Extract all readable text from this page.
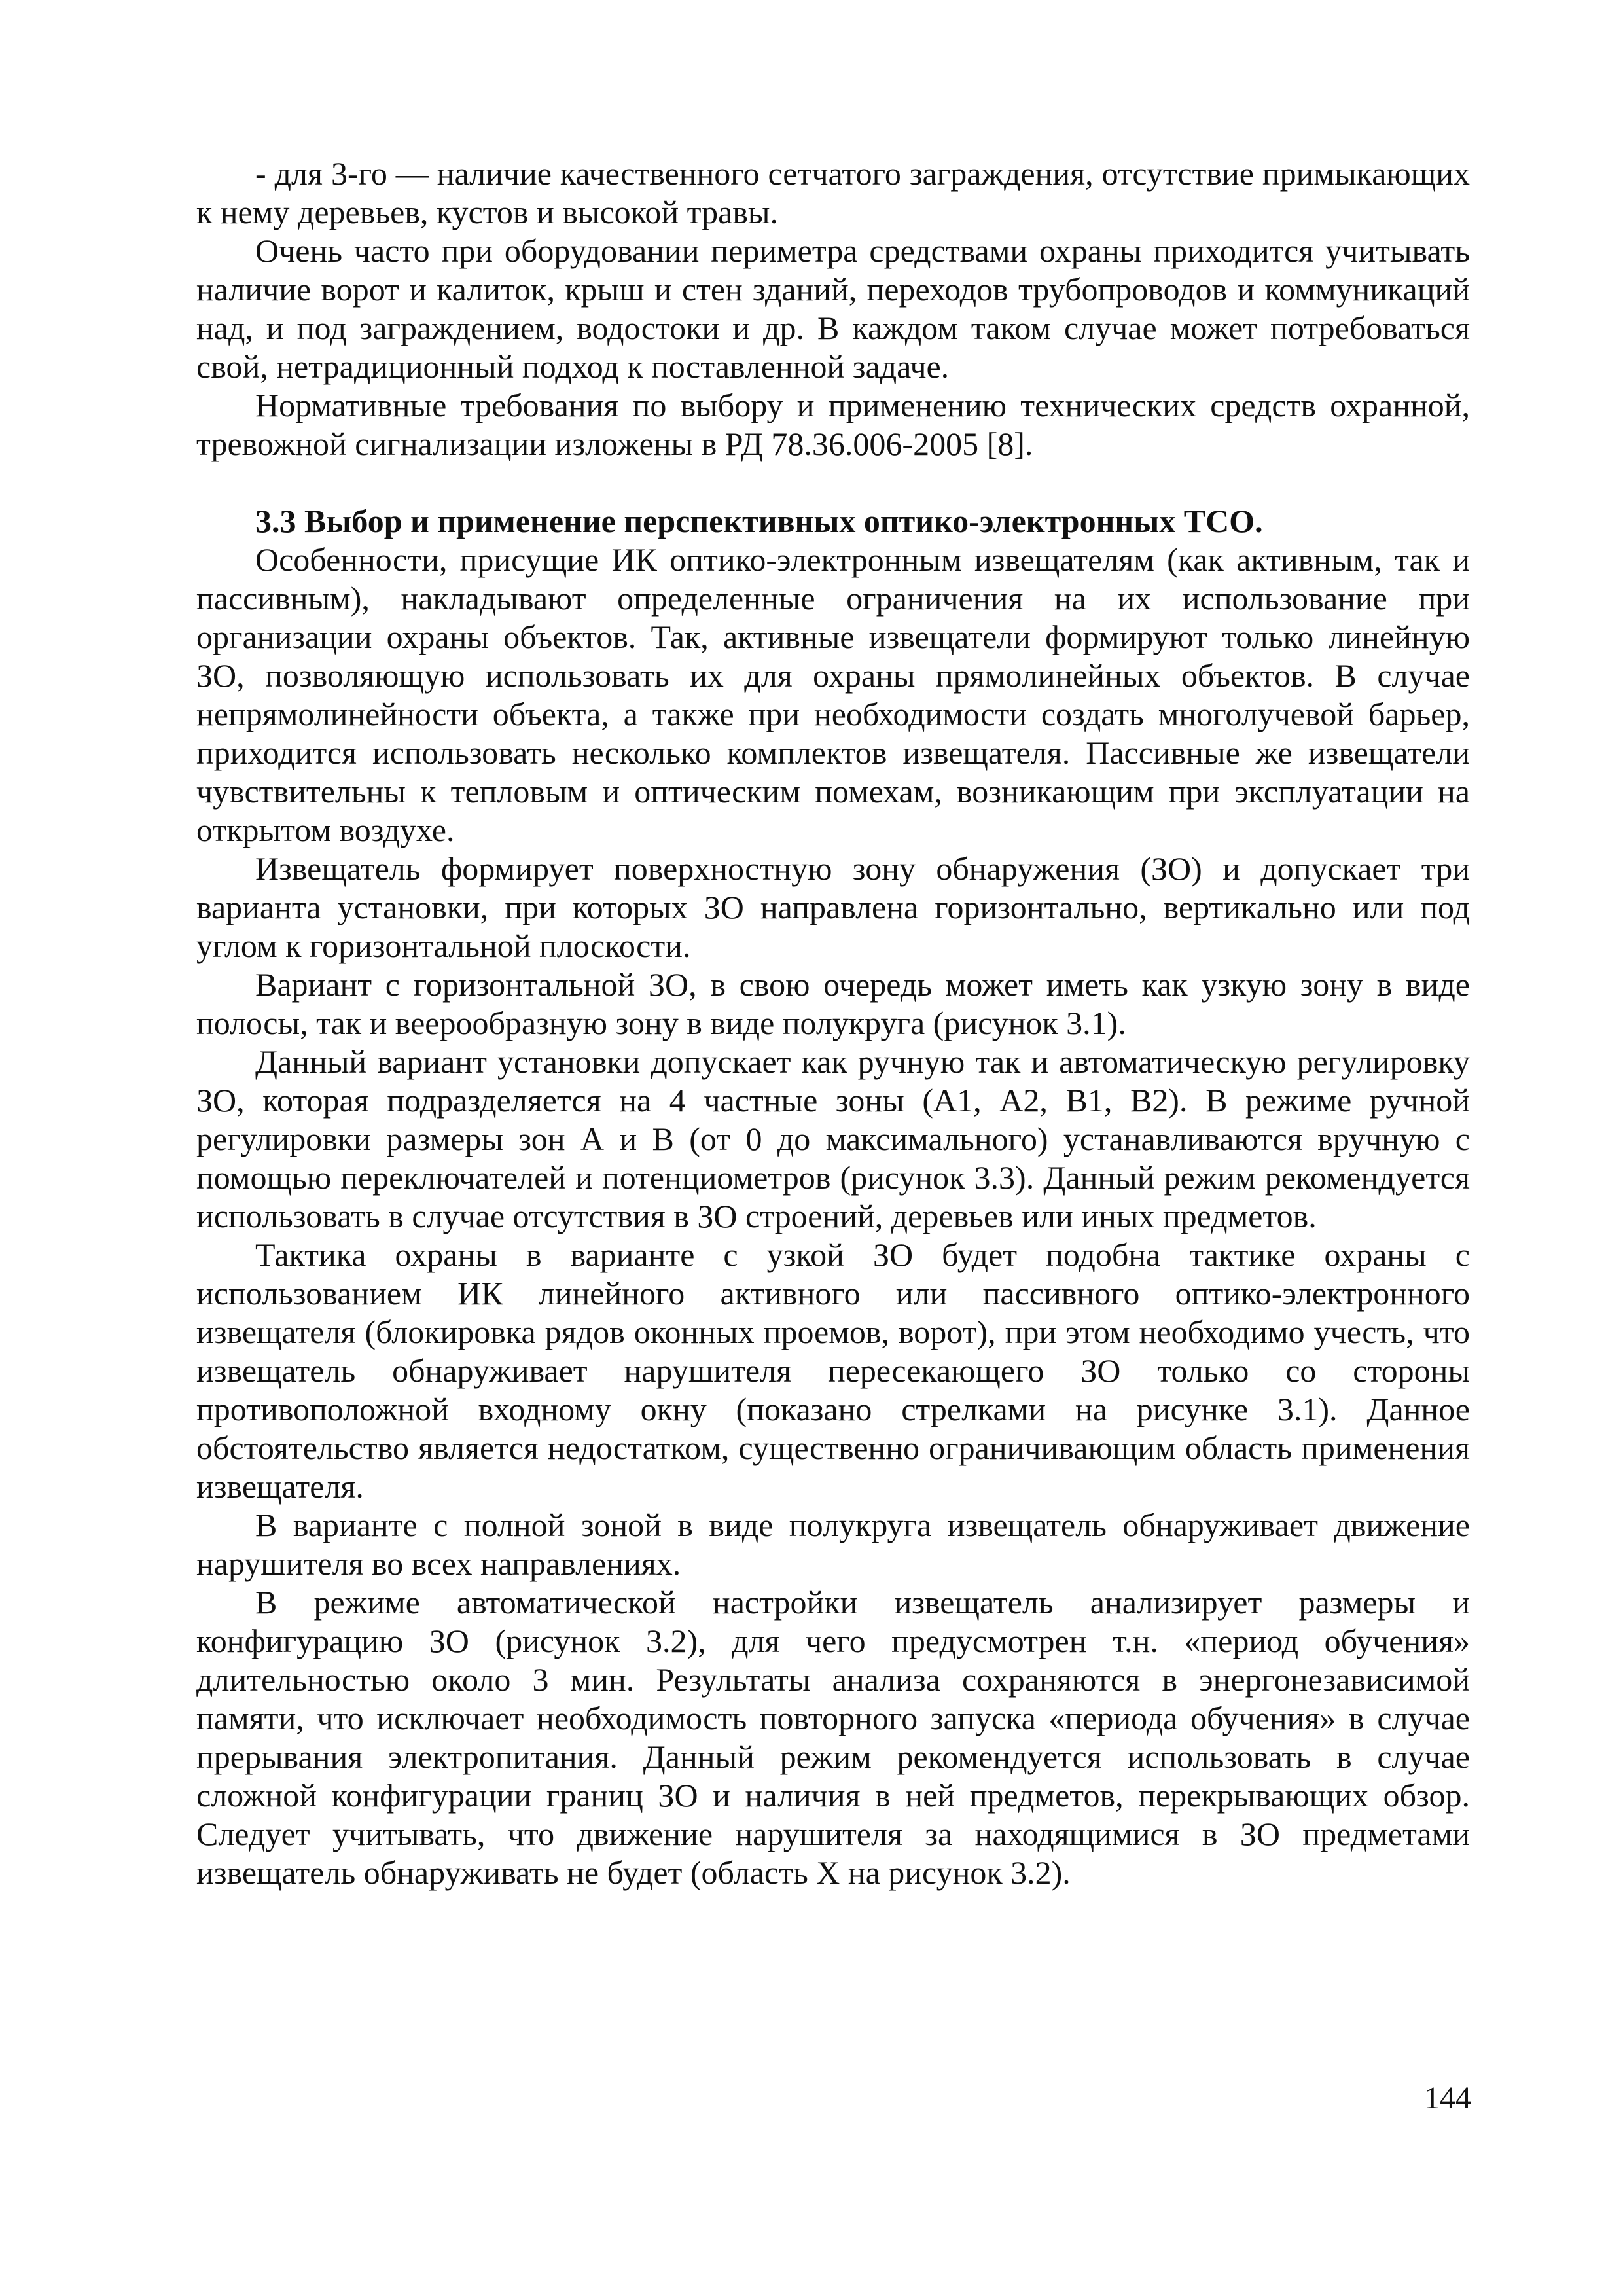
- для 3-го — наличие качественного сетчатого заграждения, отсутствие примыкающих к нему деревьев, кустов и высокой травы.

Очень часто при оборудовании периметра средствами охраны приходится учитывать наличие ворот и калиток, крыш и стен зданий, переходов трубопроводов и коммуникаций над, и под заграждением, водостоки и др. В каждом таком случае может потребоваться свой, нетрадиционный подход к поставленной задаче.

Нормативные требования по выбору и применению технических средств охранной, тревожной сигнализации изложены в РД 78.36.006-2005 [8].

3.3 Выбор и применение перспективных оптико-электронных ТСО.

Особенности, присущие ИК оптико-электронным извещателям (как активным, так и пассивным), накладывают определенные ограничения на их использование при организации охраны объектов. Так, активные извещатели формируют только линейную ЗО, позволяющую использовать их для охраны прямолинейных объектов. В случае непрямолинейности объекта, а также при необходимости создать многолучевой барьер, приходится использовать несколько комплектов извещателя. Пассивные же извещатели чувствительны к тепловым и оптическим помехам, возникающим при эксплуатации на открытом воздухе.

Извещатель формирует поверхностную зону обнаружения (ЗО) и допускает три варианта установки, при которых ЗО направлена горизонтально, вертикально или под углом к горизонтальной плоскости.

Вариант с горизонтальной ЗО, в свою очередь может иметь как узкую зону в виде полосы, так и веерообразную зону в виде полукруга (рисунок 3.1).

Данный вариант установки допускает как ручную так и автоматическую регулировку ЗО, которая подразделяется на 4 частные зоны (А1, А2, В1, В2). В режиме ручной регулировки размеры зон А и В (от 0 до максимального) устанавливаются вручную с помощью переключателей и потенциометров (рисунок 3.3). Данный режим рекомендуется использовать в случае отсутствия в ЗО строений, деревьев или иных предметов.

Тактика охраны в варианте с узкой ЗО будет подобна тактике охраны с использованием ИК линейного активного или пассивного оптико-электронного извещателя (блокировка рядов оконных проемов, ворот), при этом необходимо учесть, что извещатель обнаруживает нарушителя пересекающего ЗО только со стороны противоположной входному окну (показано стрелками на рисунке 3.1). Данное обстоятельство является недостатком, существенно ограничивающим область применения извещателя.

В варианте с полной зоной в виде полукруга извещатель обнаруживает движение нарушителя во всех направлениях.

В режиме автоматической настройки извещатель анализирует размеры и конфигурацию ЗО (рисунок 3.2), для чего предусмотрен т.н. «период обучения» длительностью около 3 мин. Результаты анализа сохраняются в энергонезависимой памяти, что исключает необходимость повторного запуска «периода обучения» в случае прерывания электропитания. Данный режим рекомендуется использовать в случае сложной конфигурации границ ЗО и наличия в ней предметов, перекрывающих обзор. Следует учитывать, что движение нарушителя за находящимися в ЗО предметами извещатель обнаруживать не будет (область X на рисунок 3.2).

144
